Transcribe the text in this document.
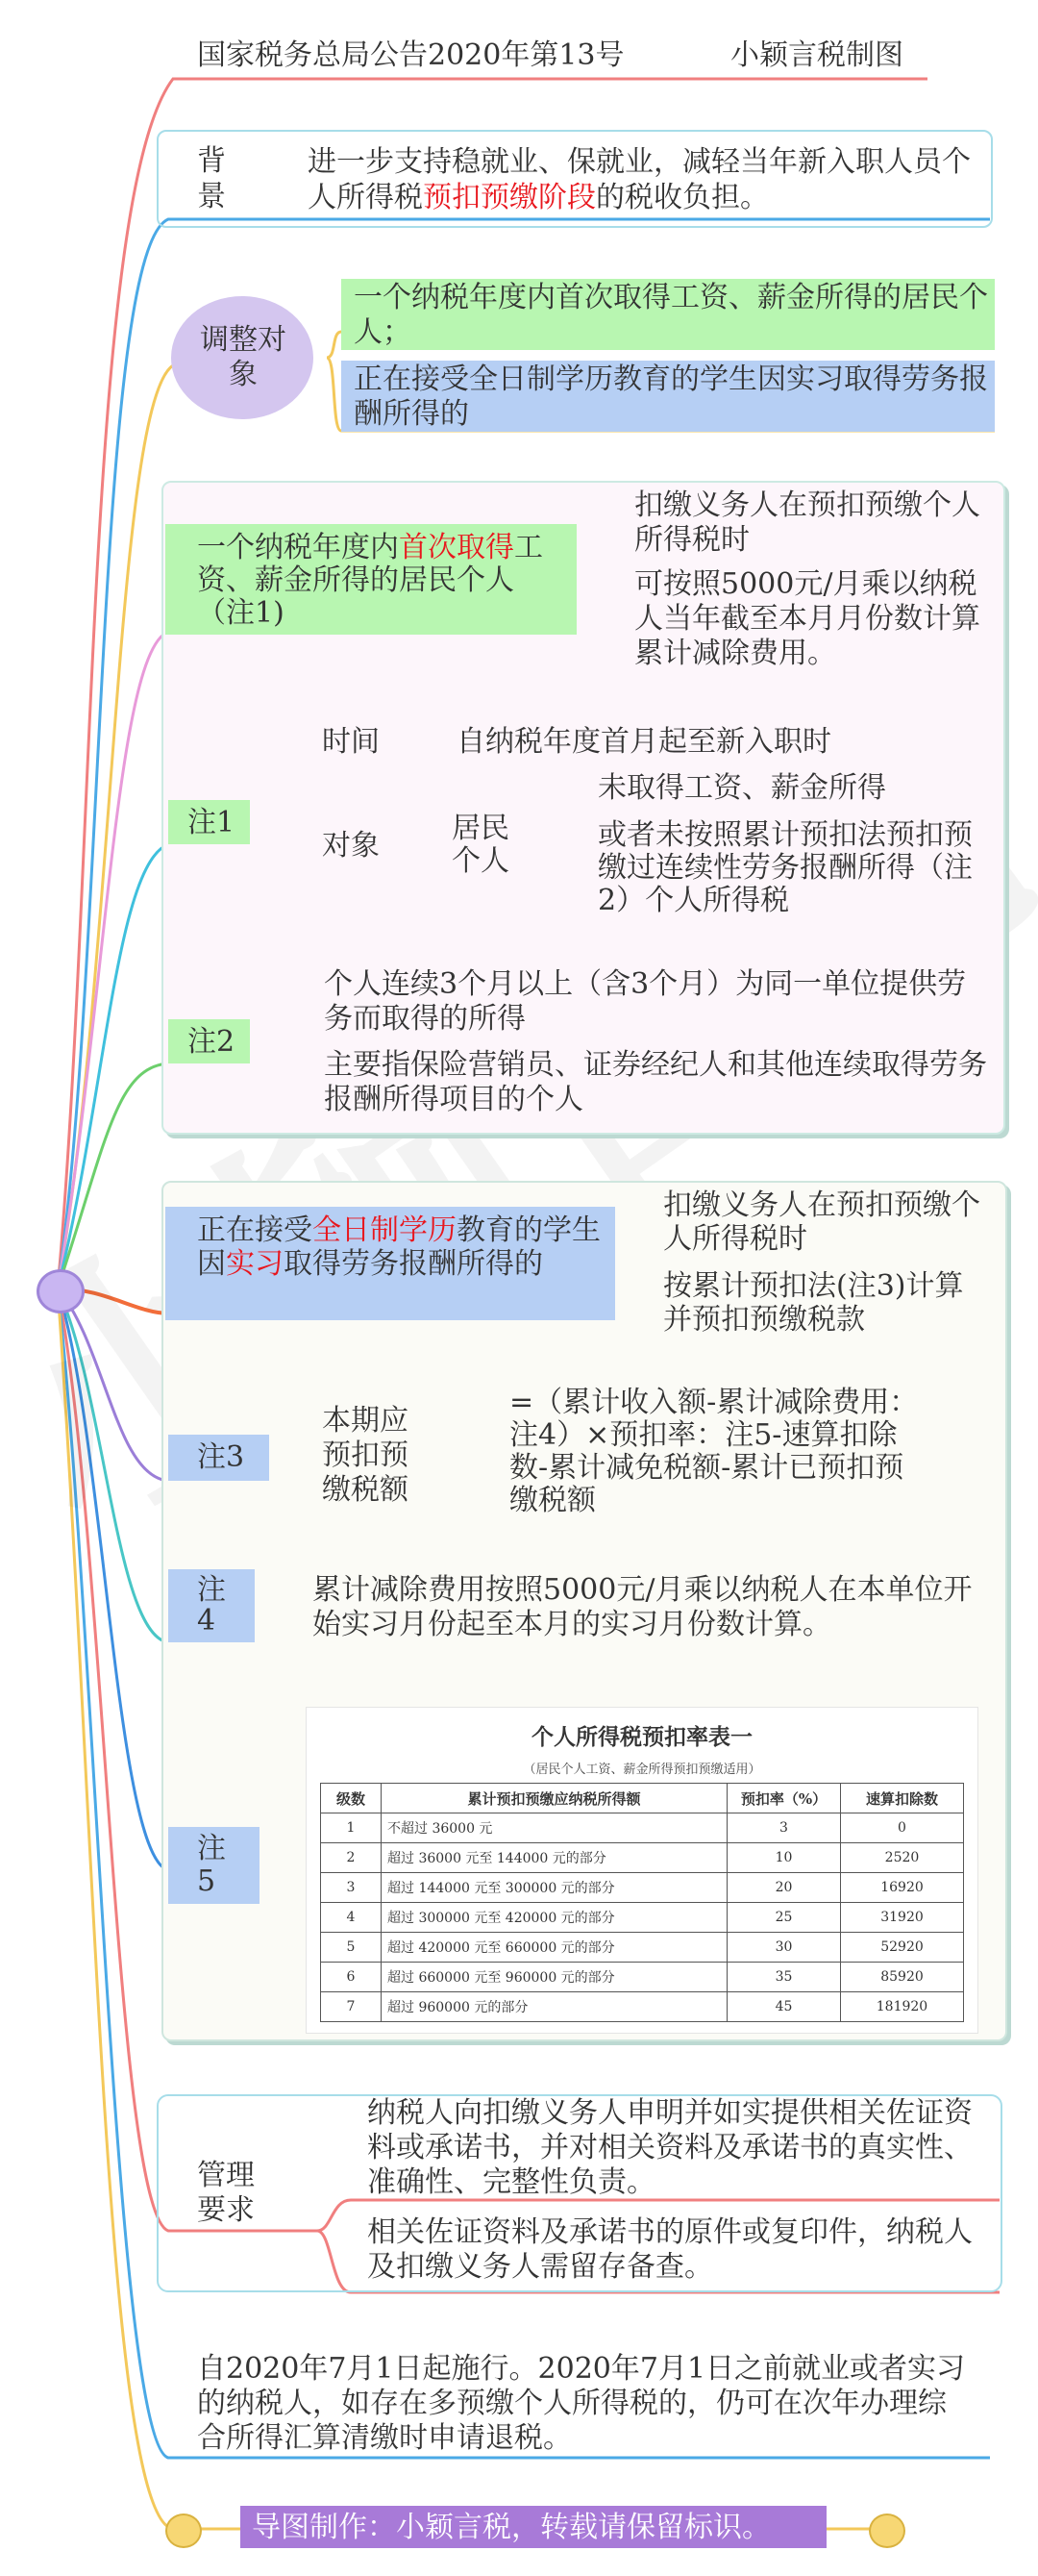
国家税务总局公告2020年第13号	小颖言税制图
背
景
进一步支持稳就业、保就业，减轻当年新入职人员个人所得税预扣预缴阶段的税收负担。
调整对象
一个纳税年度内首次取得工资、薪金所得的居民个人；
正在接受全日制学历教育的学生因实习取得劳务报酬所得的
一个纳税年度内首次取得工资、薪金所得的居民个人（注1)
扣缴义务人在预扣预缴个人所得税时
可按照5000元/月乘以纳税人当年截至本月月份数计算累计减除费用。
注1
时间	自纳税年度首月起至新入职时
对象
居民个人
未取得工资、薪金所得
或者未按照累计预扣法预扣预缴过连续性劳务报酬所得（注2）个人所得税
注2
个人连续3个月以上（含3个月）为同一单位提供劳务而取得的所得
主要指保险营销员、证券经纪人和其他连续取得劳务报酬所得项目的个人
正在接受全日制学历教育的学生因实习取得劳务报酬所得的
扣缴义务人在预扣预缴个人所得税时
按累计预扣法(注3)计算并预扣预缴税款
注3
本期应预扣预缴税额
=（累计收入额-累计减除费用：注4）×预扣率：注5-速算扣除数-累计减免税额-累计已预扣预缴税额
注4
累计减除费用按照5000元/月乘以纳税人在本单位开始实习月份起至本月的实习月份数计算。
注5
个人所得税预扣率表一
（居民个人工资、薪金所得预扣预缴适用）
级数	累计预扣预缴应纳税所得额	预扣率（%）	速算扣除数
1	不超过 36000 元	3	0
2	超过 36000 元至 144000 元的部分	10	2520
3	超过 144000 元至 300000 元的部分	20	16920
4	超过 300000 元至 420000 元的部分	25	31920
5	超过 420000 元至 660000 元的部分	30	52920
6	超过 660000 元至 960000 元的部分	35	85920
7	超过 960000 元的部分	45	181920
管理要求
纳税人向扣缴义务人申明并如实提供相关佐证资料或承诺书，并对相关资料及承诺书的真实性、准确性、完整性负责。
相关佐证资料及承诺书的原件或复印件，纳税人及扣缴义务人需留存备查。
自2020年7月1日起施行。2020年7月1日之前就业或者实习的纳税人，如存在多预缴个人所得税的，仍可在次年办理综合所得汇算清缴时申请退税。
导图制作：小颖言税，转载请保留标识。
